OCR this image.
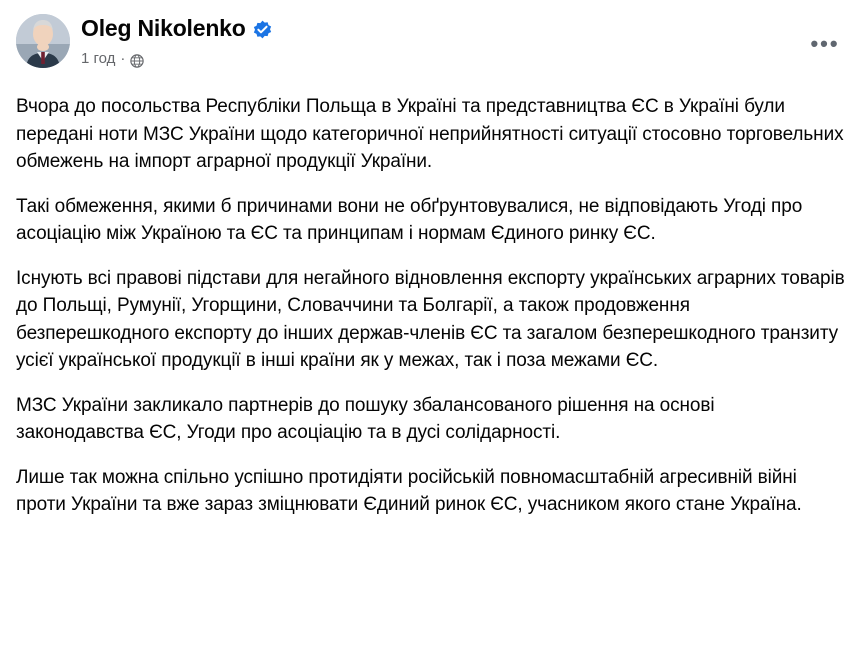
Oleg Nikolenko
1 год ·
•••

Вчора до посольства Республіки Польща в Україні та представництва ЄС в Україні були передані ноти МЗС України щодо категоричної неприйнятності ситуації стосовно торговельних обмежень на імпорт аграрної продукції України.

Такі обмеження, якими б причинами вони не обґрунтовувалися, не відповідають Угоді про асоціацію між Україною та ЄС та принципам і нормам Єдиного ринку ЄС.

Існують всі правові підстави для негайного відновлення експорту українських аграрних товарів до Польщі, Румунії, Угорщини, Словаччини та Болгарії, а також продовження безперешкодного експорту до інших держав-членів ЄС та загалом безперешкодного транзиту усієї української продукції в інші країни як у межах, так і поза межами ЄС.

МЗС України закликало партнерів до пошуку збалансованого рішення на основі законодавства ЄС, Угоди про асоціацію та в дусі солідарності.

Лише так можна спільно успішно протидіяти російській повномасштабній агресивній війні проти України та вже зараз зміцнювати Єдиний ринок ЄС, учасником якого стане Україна.
